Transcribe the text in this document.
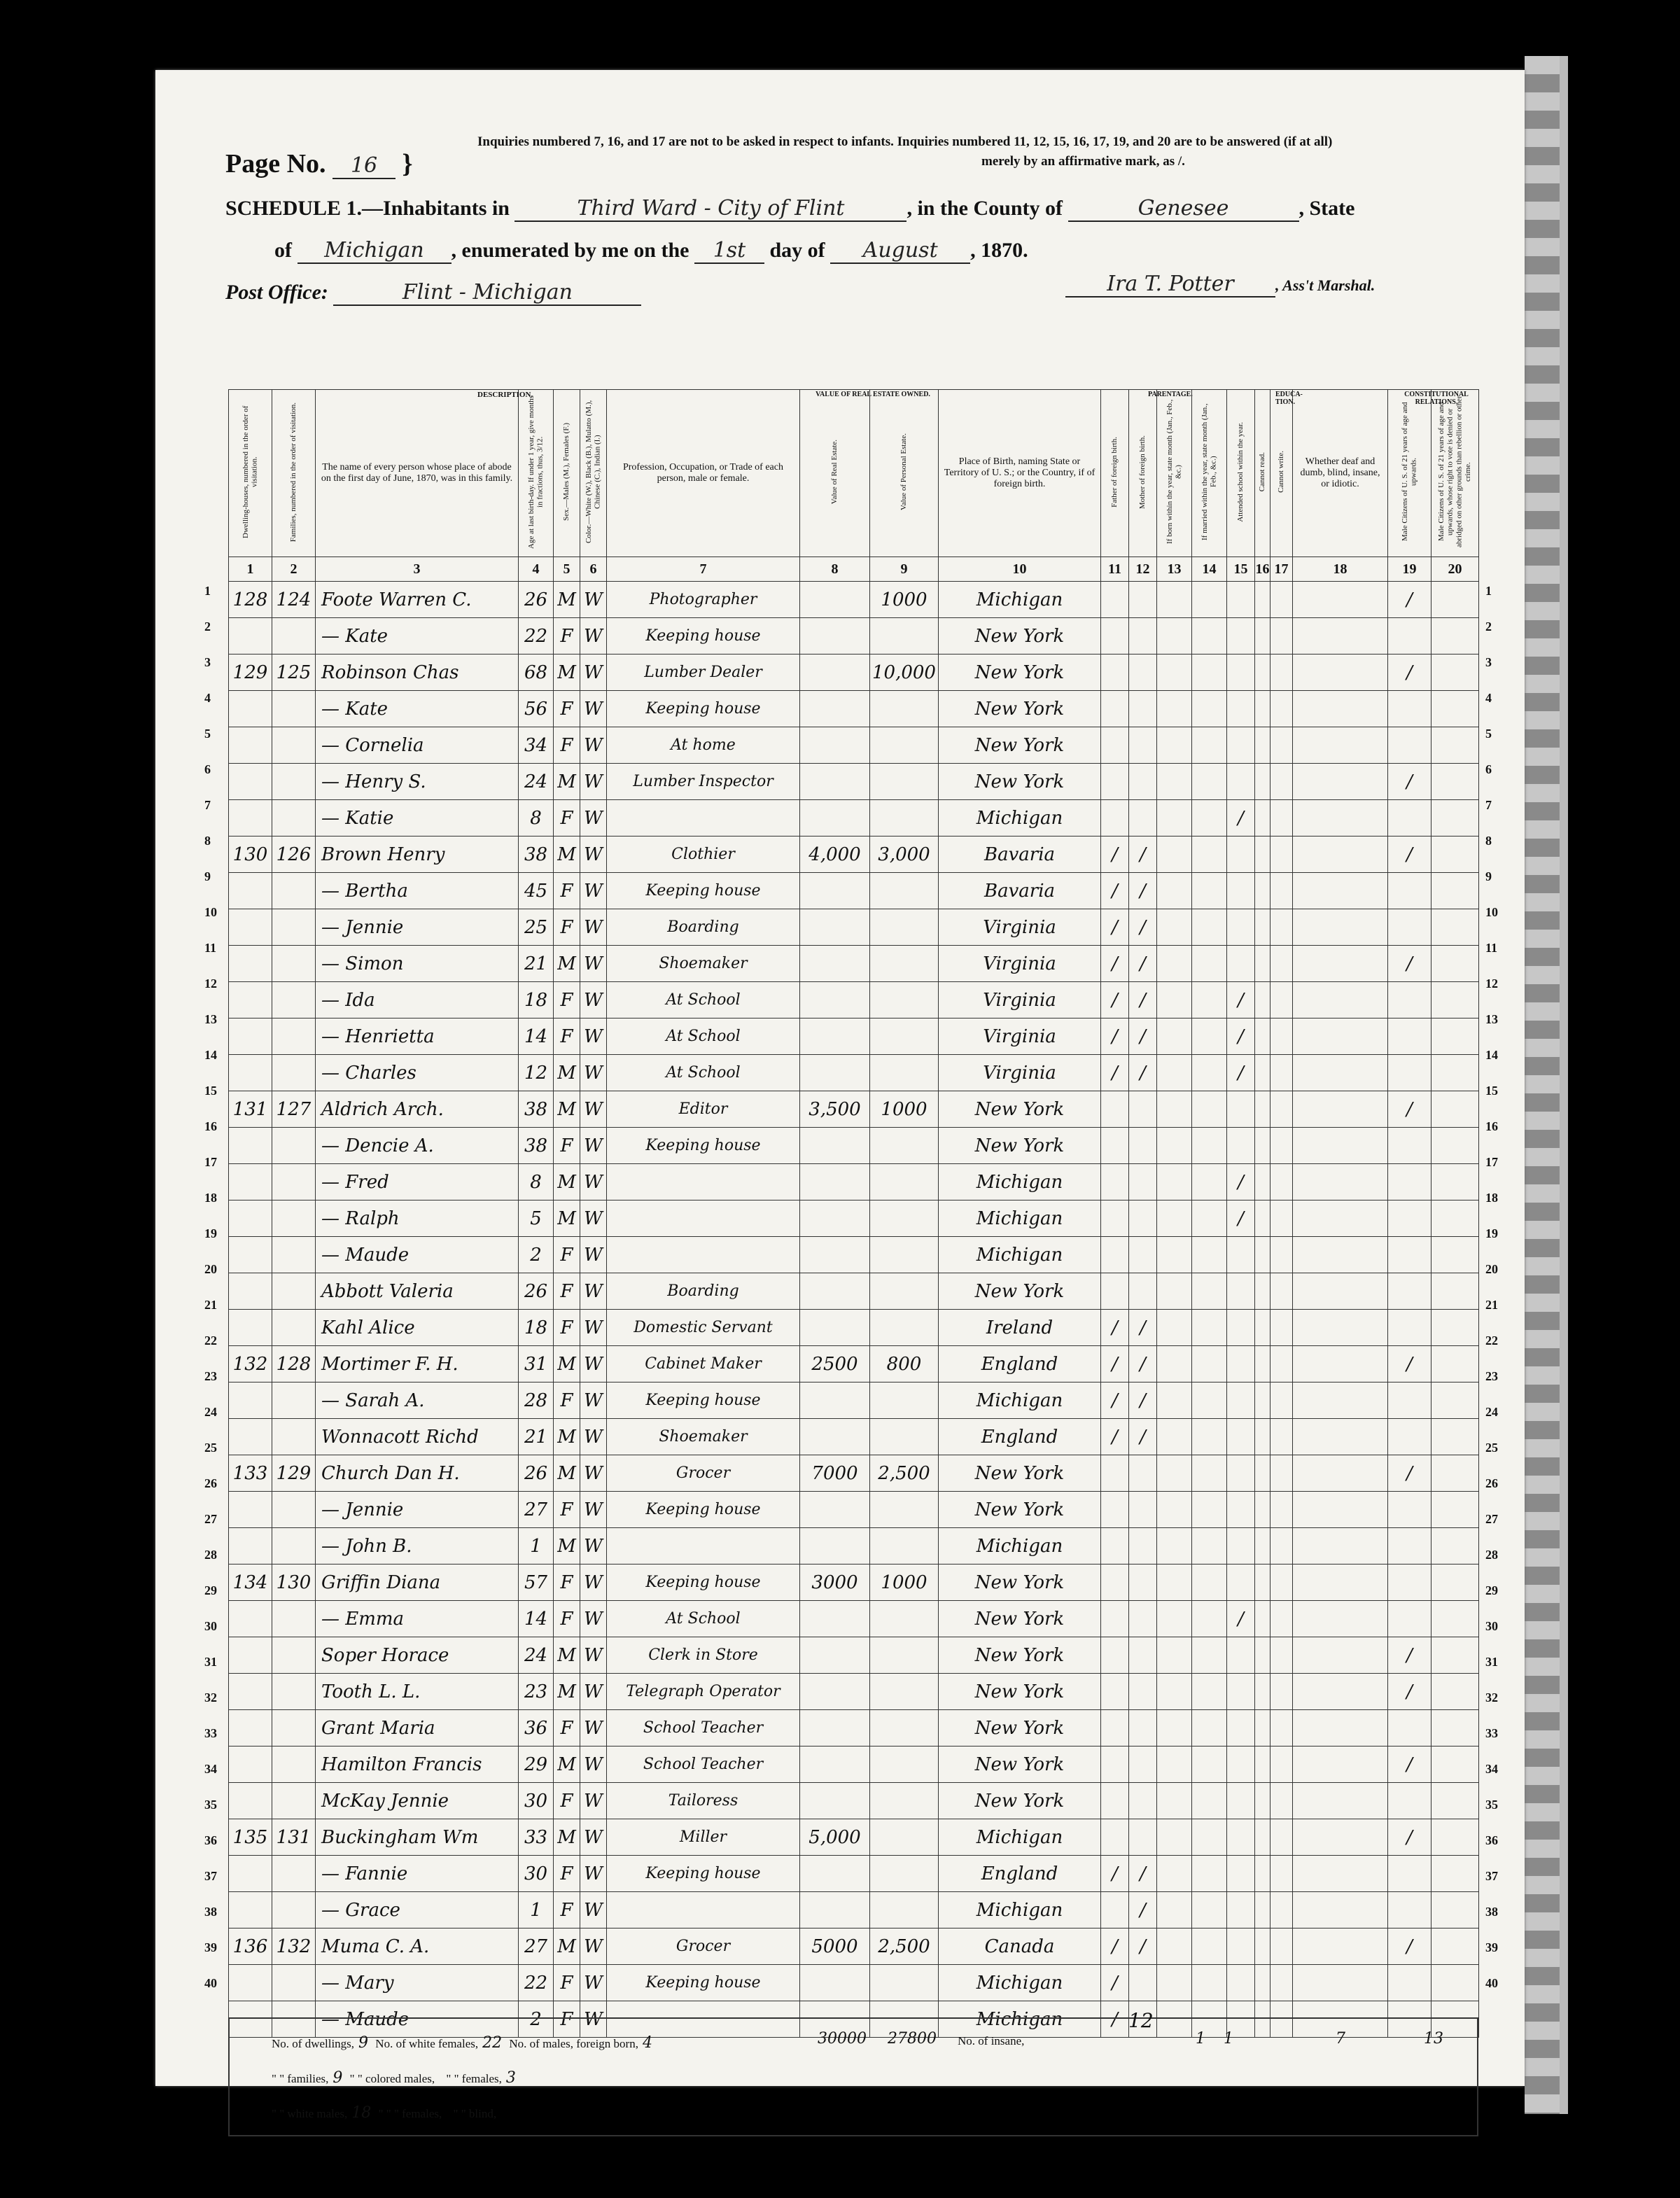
Page No. 16 }
Inquiries numbered 7, 16, and 17 are not to be asked in respect to infants. Inquiries numbered 11, 12, 15, 16, 17, 19, and 20 are to be answered (if at all)
merely by an affirmative mark, as /.
SCHEDULE 1.—Inhabitants in	Third Ward - City of Flint	, in the County of	Genesee	, State
of Michigan , enumerated by me on the 1st day of August , 1870.
Post Office:	Flint - Michigan	Ira T. Potter	, Ass't Marshal.
Dwelling-houses, numbered in the order of visitation.	Families, numbered in the order of visitation.	The name of every person whose place of abode on the first day of June, 1870, was in this family.	Age at last birth-day. If under 1 year, give months in fractions, thus, 3/12.	Sex.—Males (M.), Females (F.)	Color.—White (W.), Black (B.), Mulatto (M.), Chinese (C.), Indian (I.)	Profession, Occupation, or Trade of each person, male or female.	Value of Real Estate.	Value of Personal Estate.	Place of Birth, naming State or Territory of U. S.; or the Country, if of foreign birth.	Father of foreign birth.	Mother of foreign birth.	If born within the year, state month (Jan., Feb., &c.)	If married within the year, state month (Jan., Feb., &c.)	Attended school within the year.	Cannot read.	Cannot write.	Whether deaf and dumb, blind, insane, or idiotic.	Male Citizens of U. S. of 21 years of age and upwards.	Male Citizens of U. S. of 21 years of age and upwards, whose right to vote is denied or abridged on other grounds than rebellion or other crime.
1	2	3	4	5	6	7	8	9	10	11	12	13	14	15	16	17	18	19	20
128	124	Foote Warren C.	26	M	W	Photographer		1000	Michigan									/	
		— Kate	22	F	W	Keeping house			New York										
129	125	Robinson Chas	68	M	W	Lumber Dealer		10,000	New York									/	
		— Kate	56	F	W	Keeping house			New York										
		— Cornelia	34	F	W	At home			New York										
		— Henry S.	24	M	W	Lumber Inspector			New York									/	
		— Katie	8	F	W				Michigan					/					
130	126	Brown Henry	38	M	W	Clothier	4,000	3,000	Bavaria	/	/							/	
		— Bertha	45	F	W	Keeping house			Bavaria	/	/								
		— Jennie	25	F	W	Boarding			Virginia	/	/								
		— Simon	21	M	W	Shoemaker			Virginia	/	/							/	
		— Ida	18	F	W	At School			Virginia	/	/			/					
		— Henrietta	14	F	W	At School			Virginia	/	/			/					
		— Charles	12	M	W	At School			Virginia	/	/			/					
131	127	Aldrich Arch.	38	M	W	Editor	3,500	1000	New York									/	
		— Dencie A.	38	F	W	Keeping house			New York										
		— Fred	8	M	W				Michigan					/					
		— Ralph	5	M	W				Michigan					/					
		— Maude	2	F	W				Michigan										
		Abbott Valeria	26	F	W	Boarding			New York										
		Kahl Alice	18	F	W	Domestic Servant			Ireland	/	/								
132	128	Mortimer F. H.	31	M	W	Cabinet Maker	2500	800	England	/	/							/	
		— Sarah A.	28	F	W	Keeping house			Michigan	/	/								
		Wonnacott Richd	21	M	W	Shoemaker			England	/	/								
133	129	Church Dan H.	26	M	W	Grocer	7000	2,500	New York									/	
		— Jennie	27	F	W	Keeping house			New York										
		— John B.	1	M	W				Michigan										
134	130	Griffin Diana	57	F	W	Keeping house	3000	1000	New York										
		— Emma	14	F	W	At School			New York					/					
		Soper Horace	24	M	W	Clerk in Store			New York									/	
		Tooth L. L.	23	M	W	Telegraph Operator			New York									/	
		Grant Maria	36	F	W	School Teacher			New York										
		Hamilton Francis	29	M	W	School Teacher			New York									/	
		McKay Jennie	30	F	W	Tailoress			New York										
135	131	Buckingham Wm	33	M	W	Miller	5,000		Michigan									/	
		— Fannie	30	F	W	Keeping house			England	/	/								
		— Grace	1	F	W				Michigan		/								
136	132	Muma C. A.	27	M	W	Grocer	5000	2,500	Canada	/	/							/	
		— Mary	22	F	W	Keeping house			Michigan	/									
		— Maude	2	F	W				Michigan	/									
DESCRIPTION.	VALUE OF REAL ESTATE OWNED.	PARENTAGE.	EDUCA-TION.
CONSTITUTIONAL RELATIONS.
No. of dwellings, 9 No. of white females, 22 No. of males, foreign born, 4
" " families, 9 " " colored males, " " females, 3
" " white males, 18 " " " females, " " blind,
No. of insane,
30000 27800	1 1	7	13
12
1
2
3
4
5
6
7
8
9
10
11
12
13
14
15
16
17
18
19
20
21
22
23
24
25
26
27
28
29
30
31
32
33
34
35
36
37
38
39
40
1
2
3
4
5
6
7
8
9
10
11
12
13
14
15
16
17
18
19
20
21
22
23
24
25
26
27
28
29
30
31
32
33
34
35
36
37
38
39
40
